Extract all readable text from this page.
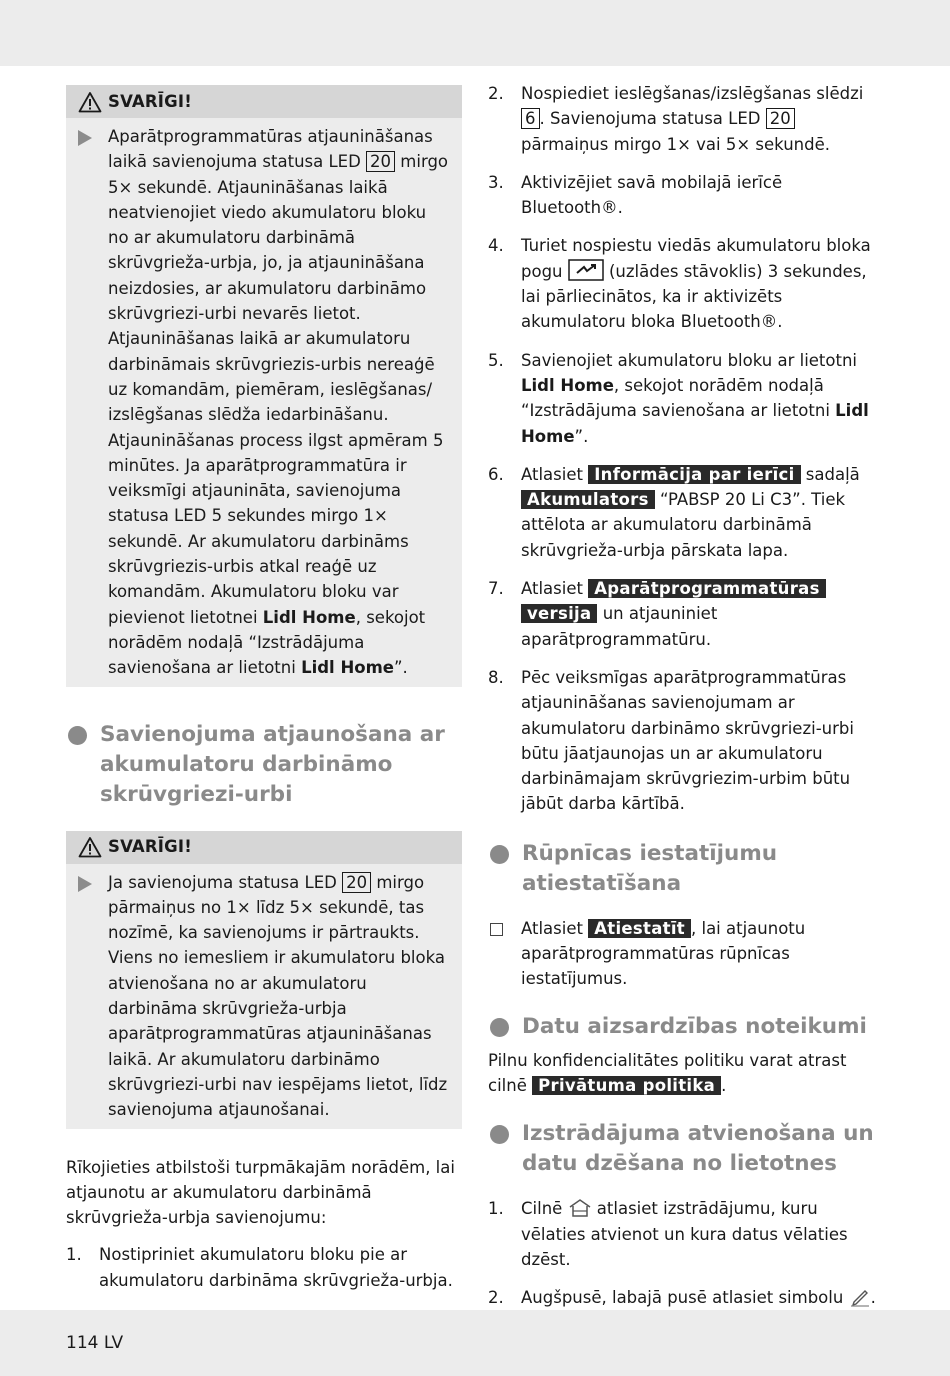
SVARĪGI!
Aparātprogrammatūras atjaunināšanas laikā savienojuma statusa LED 20 mirgo 5× sekundē. Atjaunināšanas laikā neatvienojiet viedo akumulatoru bloku no ar akumulatoru darbināmā skrūvgrieža-urbja, jo, ja atjaunināšana neizdosies, ar akumulatoru darbināmo skrūvgriezi-urbi nevarēs lietot. Atjaunināšanas laikā ar akumulatoru darbināmais skrūvgriezis-urbis nereaģē uz komandām, piemēram, ieslēgšanas/ izslēgšanas slēdža iedarbināšanu. Atjaunināšanas process ilgst apmēram 5 minūtes. Ja aparātprogrammatūra ir veiksmīgi atjaunināta, savienojuma statusa LED 5 sekundes mirgo 1× sekundē. Ar akumulatoru darbināms skrūvgriezis-urbis atkal reaģē uz komandām. Akumulatoru bloku var pievienot lietotnei Lidl Home, sekojot norādēm nodaļā “Izstrādājuma savienošana ar lietotni Lidl Home”.
Savienojuma atjaunošana ar akumulatoru darbināmo skrūvgriezi-urbi
SVARĪGI!
Ja savienojuma statusa LED 20 mirgo pārmaiņus no 1× līdz 5× sekundē, tas nozīmē, ka savienojums ir pārtraukts. Viens no iemesliem ir akumulatoru bloka atvienošana no ar akumulatoru darbināma skrūvgrieža-urbja aparātprogrammatūras atjaunināšanas laikā. Ar akumulatoru darbināmo skrūvgriezi-urbi nav iespējams lietot, līdz savienojuma atjaunošanai.

Rīkojieties atbilstoši turpmākajām norādēm, lai atjaunotu ar akumulatoru darbināmā skrūvgrieža-urbja savienojumu:

1. Nostipriniet akumulatoru bloku pie ar akumulatoru darbināma skrūvgrieža-urbja.
2. Nospiediet ieslēgšanas/izslēgšanas slēdzi 6 . Savienojuma statusa LED 20 pārmaiņus mirgo 1× vai 5× sekundē.
3. Aktivizējiet savā mobilajā ierīcē Bluetooth®.
4. Turiet nospiestu viedās akumulatoru bloka pogu  (uzlādes stāvoklis) 3 sekundes, lai pārliecinātos, ka ir aktivizēts akumulatoru bloka Bluetooth®.
5. Savienojiet akumulatoru bloku ar lietotni Lidl Home, sekojot norādēm nodaļā “Izstrādājuma savienošana ar lietotni Lidl Home”.
6. Atlasiet Informācija par ierīci sadaļā Akumulators “PABSP 20 Li C3”. Tiek attēlota ar akumulatoru darbināmā skrūvgrieža-urbja pārskata lapa.
7. Atlasiet Aparātprogrammatūras
versija un atjauniniet aparātprogrammatūru.
8. Pēc veiksmīgas aparātprogrammatūras atjaunināšanas savienojumam ar akumulatoru darbināmo skrūvgriezi-urbi būtu jāatjaunojas un ar akumulatoru darbināmajam skrūvgriezim-urbim būtu jābūt darba kārtībā.
Rūpnīcas iestatījumu atiestatīšana
Atlasiet Atiestatīt , lai atjaunotu aparātprogrammatūras rūpnīcas iestatījumus.
Datu aizsardzības noteikumi
Pilnu konfidencialitātes politiku varat atrast cilnē Privātuma politika .
Izstrādājuma atvienošana un datu dzēšana no lietotnes
1. Cilnē  atlasiet izstrādājumu, kuru vēlaties atvienot un kura datus vēlaties dzēst.
2. Augšpusē, labajā pusē atlasiet simbolu .
114 LV
